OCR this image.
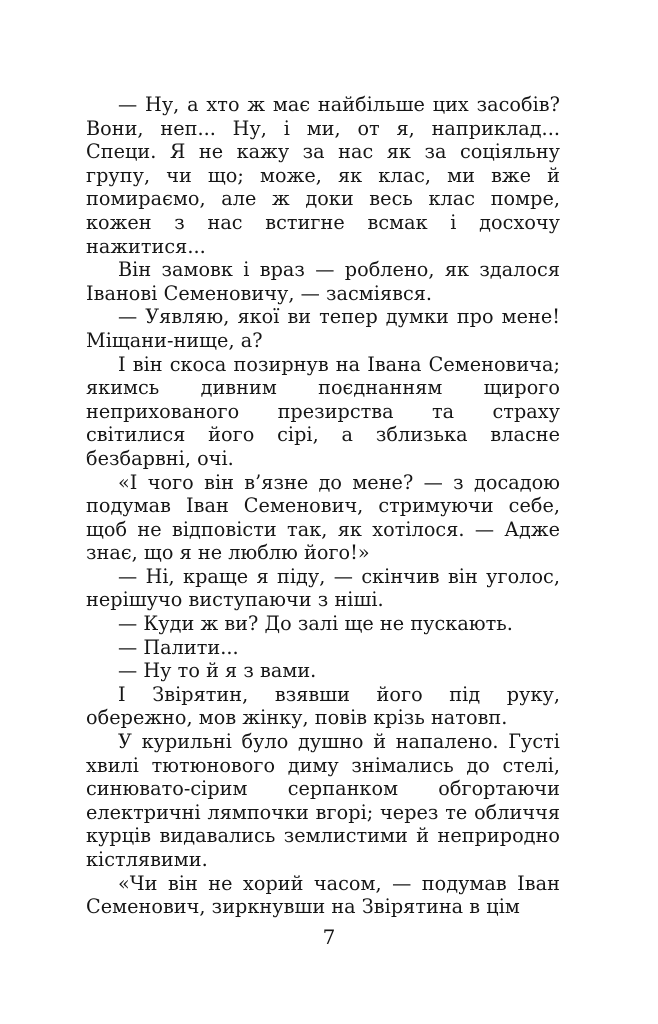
— Ну, а хто ж має найбільше цих засобів? Вони, неп... Ну, і ми, от я, наприклад... Специ. Я не кажу за нас як за соціяльну групу, чи що; може, як клас, ми вже й помираємо, але ж доки весь клас помре, кожен з нас встигне всмак і досхочу нажитися...

Він замовк і враз — роблено, як здалося Іванові Семеновичу, — засміявся.

— Уявляю, якої ви тепер думки про мене! Міщани-нище, а?

І він скоса позирнув на Івана Семеновича; якимсь дивним поєднанням щирого неприхованого презирства та страху світилися його сірі, а зблизька власне безбарвні, очі.

«І чого він в’язне до мене? — з досадою подумав Іван Семенович, стримуючи себе, щоб не відповісти так, як хотілося. — Адже знає, що я не люблю його!»

— Ні, краще я піду, — скінчив він уголос, нерішучо виступаючи з ніші.

— Куди ж ви? До залі ще не пускають.

— Палити...

— Ну то й я з вами.

І Звірятин, взявши його під руку, обережно, мов жінку, повів крізь натовп.

У курильні було душно й напалено. Густі хвилі тютюнового диму знімались до стелі, синювато-сірим серпанком обгортаючи електричні лямпочки вгорі; через те обличчя курців видавались землистими й неприродно кістлявими.

«Чи він не хорий часом, — подумав Іван Семенович, зиркнувши на Звірятина в цім

7
